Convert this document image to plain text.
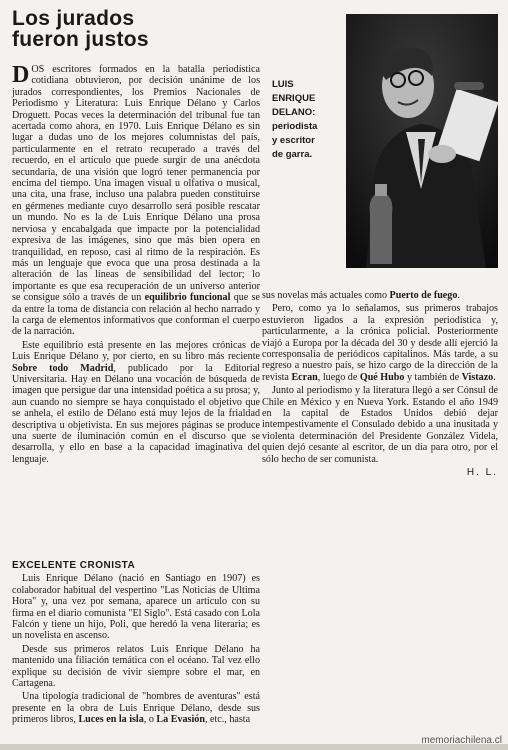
Los jurados
fueron justos
LUIS
ENRIQUE
DELANO:
periodista
y escritor
de garra.

DOS escritores formados en la batalla periodística cotidiana obtuvieron, por decisión unánime de los jurados correspondientes, los Premios Nacionales de Periodismo y Literatura: Luis Enrique Délano y Carlos Droguett. Pocas veces la determinación del tribunal fue tan acertada como ahora, en 1970. Luis Enrique Délano es sin lugar a dudas uno de los mejores columnistas del país, particularmente en el retrato recuperado a través del recuerdo, en el artículo que puede surgir de una anécdota secundaria, de una visión que logró tener permanencia por encima del tiempo. Una imagen visual u olfativa o musical, una cita, una frase, incluso una palabra pueden constituirse en gérmenes mediante cuyo desarrollo será posible rescatar un mundo. No es la de Luis Enrique Délano una prosa nerviosa y encabalgada que impacte por la potencialidad expresiva de las imágenes, sino que más bien opera en tranquilidad, en reposo, casi al ritmo de la respiración. Es más un lenguaje que evoca que una prosa destinada a la alteración de las líneas de sensibilidad del lector; lo importante es que esa recuperación de un universo anterior se consigue sólo a través de un equilibrio funcional que se da entre la toma de distancia con relación al hecho narrado y la carga de elementos informativos que conforman el cuerpo de la narración.

Este equilibrio está presente en las mejores crónicas de Luis Enrique Délano y, por cierto, en su libro más reciente Sobre todo Madrid, publicado por la Editorial Universitaria. Hay en Délano una vocación de búsqueda de imagen que persigue dar una intensidad poética a su prosa; y, aun cuando no siempre se haya conquistado el objetivo que se anhela, el estilo de Délano está muy lejos de la frialdad descriptiva u objetivista. En sus mejores páginas se produce una suerte de iluminación común en el discurso que se desarrolla, y ello en base a la capacidad imaginativa del lenguaje.

EXCELENTE CRONISTA

Luis Enrique Délano (nació en Santiago en 1907) es colaborador habitual del vespertino "Las Noticias de Ultima Hora" y, una vez por semana, aparece un artículo con su firma en el diario comunista "El Siglo". Está casado con Lola Falcón y tiene un hijo, Poli, que heredó la vena literaria; es un novelista en ascenso.

Desde sus primeros relatos Luis Enrique Délano ha mantenido una filiación temática con el océano. Tal vez ello explique su decisión de vivir siempre sobre el mar, en Cartagena.

Una tipología tradicional de "hombres de aventuras" está presente en la obra de Luis Enrique Délano, desde sus primeros libros, Luces en la isla, o La Evasión, etc., hasta

sus novelas más actuales como Puerto de fuego.

Pero, como ya lo señalamos, sus primeros trabajos estuvieron ligados a la expresión periodística y, particularmente, a la crónica policial. Posteriormente viajó a Europa por la década del 30 y desde allí ejerció la corresponsalía de periódicos capitalinos. Más tarde, a su regreso a nuestro país, se hizo cargo de la dirección de la revista Ecran, luego de Qué Hubo y también de Vistazo.

Junto al periodismo y la literatura llegó a ser Cónsul de Chile en México y en Nueva York. Estando el año 1949 en la capital de Estados Unidos debió dejar intempestivamente el Consulado debido a una inusitada y violenta determinación del Presidente González Videla, quien dejó cesante al escritor, de un día para otro, por el sólo hecho de ser comunista.

H. L.

memoriachilena.cl
